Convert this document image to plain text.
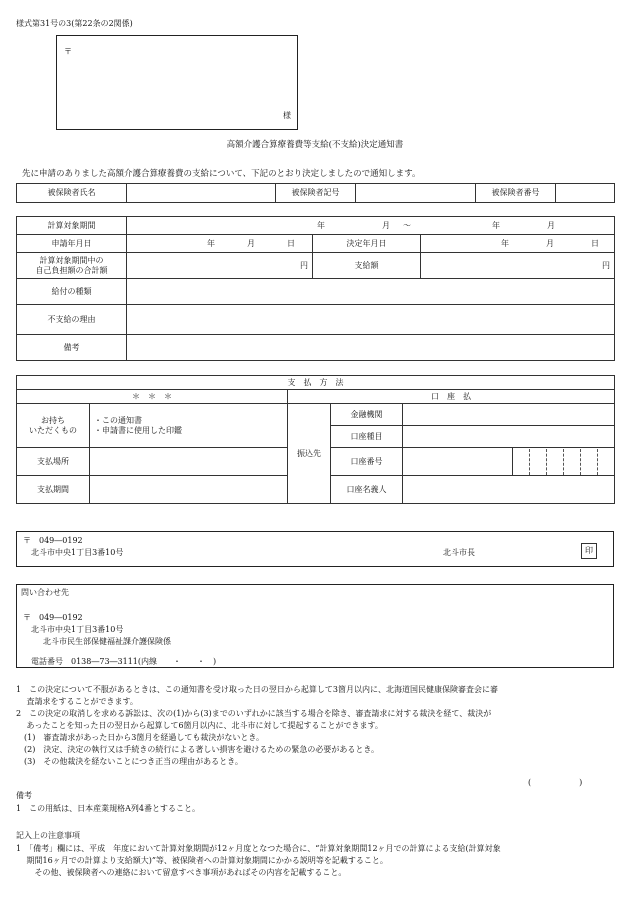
様式第31号の3(第22条の2関係)
〒
様
高額介護合算療養費等支給(不支給)決定通知書
先に申請のありました高額介護合算療養費の支給について、下記のとおり決定しましたので通知します。
被保険者氏名		被保険者記号		被保険者番号	
計算対象期間	年 月 〜 年 月		

申請年月日	年 月 日	決定年月日	年 月 日

計算対象期間中の
自己負担額の合計額	円	支給額	円
給付の種類			
不支給の理由			
備考			
支　払　方　法					
＊　＊　＊		口　座　払			
お持ち
いただくもの	・この通知書
・申請書に使用した印鑑	振込先	金融機関		
			口座種目		
支払場所			口座番号		

支払期間			口座名義人		
〒　049―0192
北斗市中央1丁目3番10号	北斗市長	印
問い合わせ先
〒　049―0192
北斗市中央1丁目3番10号
北斗市民生部保健福祉課介護保険係
電話番号　0138―73―3111(内線　　・　　・　)
1　この決定について不服があるときは、この通知書を受け取った日の翌日から起算して3箇月以内に、北海道国民健康保険審査会に審
　 査請求をすることができます。
2　この決定の取消しを求める訴訟は、次の(1)から(3)までのいずれかに該当する場合を除き、審査請求に対する裁決を経て、裁決が
　 あったことを知った日の翌日から起算して6箇月以内に、北斗市に対して提起することができます。
　(1)　審査請求があった日から3箇月を経過しても裁決がないとき。
　(2)　決定、決定の執行又は手続きの続行による著しい損害を避けるための緊急の必要があるとき。
　(3)　その他裁決を経ないことにつき正当の理由があるとき。
(　　　　　　)
備考
1　この用紙は、日本産業規格A列4番とすること。
記入上の注意事項
1　「備考」欄には、平成　年度において計算対象期間が12ヶ月度となつた場合に、“計算対象期間12ヶ月での計算による支給(計算対象
　 期間16ヶ月での計算より支給額大)”等、被保険者への計算対象期間にかかる説明等を記載すること。
　　 その他、被保険者への連絡において留意すべき事項があればその内容を記載すること。
